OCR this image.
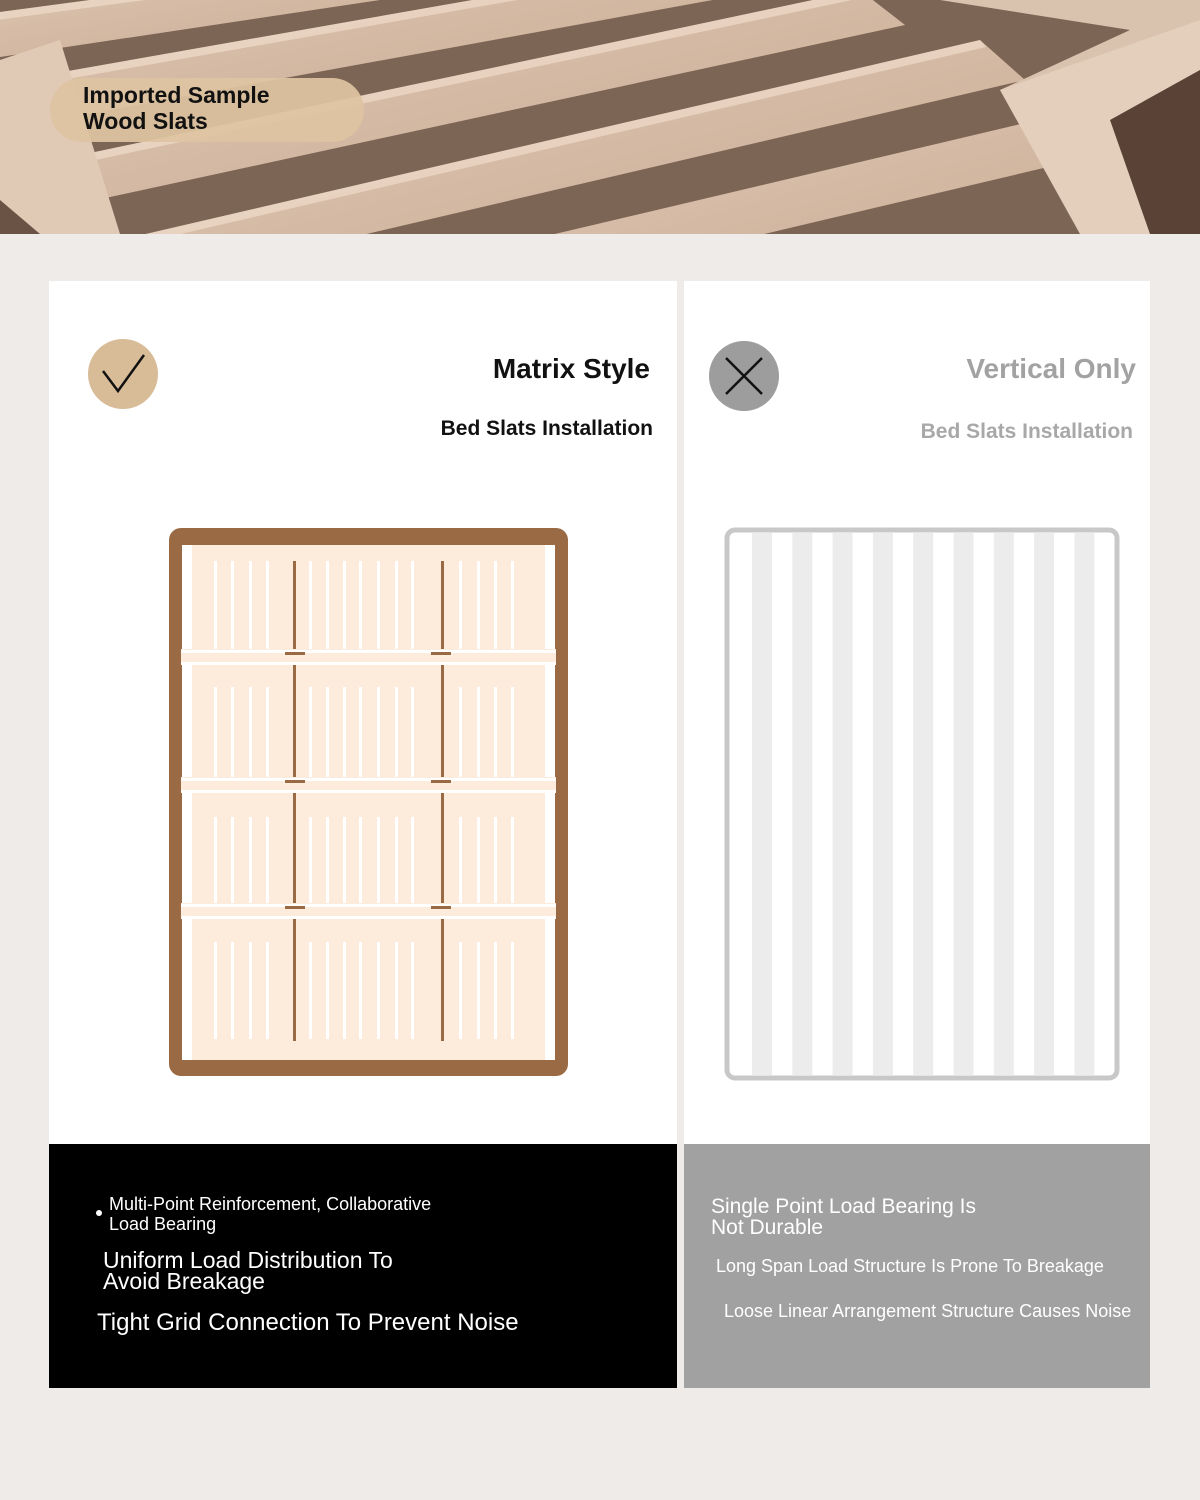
Imported Sample
Wood Slats
Matrix Style
Bed Slats Installation
Vertical Only
Bed Slats Installation
Multi-Point Reinforcement, Collaborative
Load Bearing
Uniform Load Distribution To
Avoid Breakage
Tight Grid Connection To Prevent Noise
Single Point Load Bearing Is
Not Durable
Long Span Load Structure Is Prone To Breakage
Loose Linear Arrangement Structure Causes Noise
